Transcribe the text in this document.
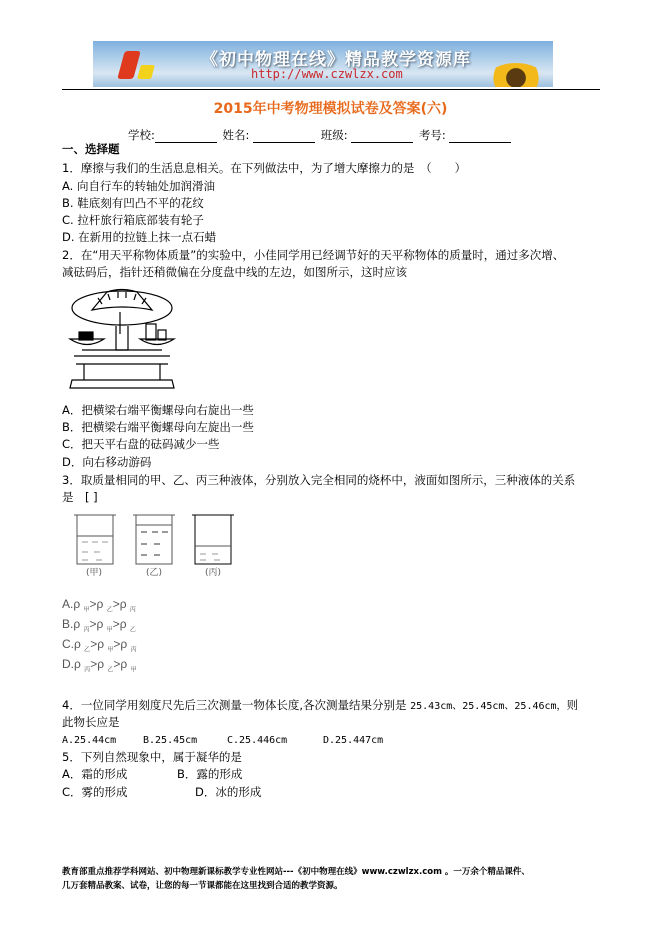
《初中物理在线》精品教学资源库
http://www.czwlzx.com
2015年中考物理模拟试卷及答案(六)
学校:	姓名:	班级:	考号:
一、选择题
1．摩擦与我们的生活息息相关。在下列做法中，为了增大摩擦力的是　（　　）
A. 向自行车的转轴处加润滑油
B. 鞋底刻有凹凸不平的花纹
C. 拉杆旅行箱底部装有轮子
D. 在新用的拉链上抹一点石蜡
2．在“用天平称物体质量”的实验中，小佳同学用已经调节好的天平称物体的质量时，通过多次增、
减砝码后，指针还稍微偏在分度盘中线的左边，如图所示，这时应该
A．把横梁右端平衡螺母向右旋出一些
B．把横梁右端平衡螺母向左旋出一些
C．把天平右盘的砝码减少一些
D．向右移动游码
3．取质量相同的甲、乙、丙三种液体，分别放入完全相同的烧杯中，液面如图所示，三种液体的关系
是　[ ]
(甲)	(乙)	(丙)
A.ρ $_甲$>ρ $_乙$>ρ $_丙$
B.ρ $_丙$>ρ $_甲$>ρ $_乙$
C.ρ $_乙$>ρ $_甲$>ρ $_丙$
D.ρ $_丙$>ρ $_乙$>ρ $_甲$
4．一位同学用刻度尺先后三次测量一物体长度,各次测量结果分别是 25.43cm、25.45cm、25.46cm，则
此物长应是
A.25.44cm	B.25.45cm	C.25.446cm	D.25.447cm
5．下列自然现象中，属于凝华的是
A．霜的形成	B．露的形成
C．雾的形成	D．冰的形成
教育部重点推荐学科网站、初中物理新课标教学专业性网站---《初中物理在线》www.czwlzx.com 。一万余个精品课件、
几万套精品教案、试卷，让您的每一节课都能在这里找到合适的教学资源。
